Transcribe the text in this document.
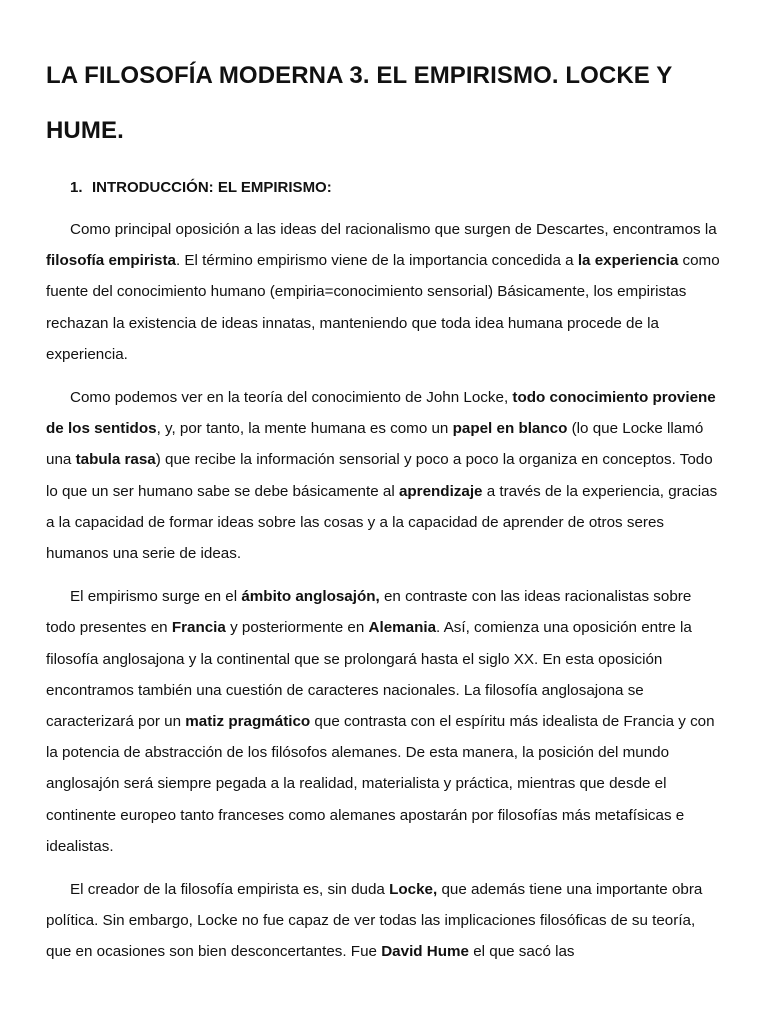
LA FILOSOFÍA MODERNA 3. EL EMPIRISMO. LOCKE Y HUME.
1. INTRODUCCIÓN: EL EMPIRISMO:

Como principal oposición a las ideas del racionalismo que surgen de Descartes, encontramos la filosofía empirista. El término empirismo viene de la importancia concedida a la experiencia como fuente del conocimiento humano (empiria=conocimiento sensorial) Básicamente, los empiristas rechazan la existencia de ideas innatas, manteniendo que toda idea humana procede de la experiencia.

Como podemos ver en la teoría del conocimiento de John Locke, todo conocimiento proviene de los sentidos, y, por tanto, la mente humana es como un papel en blanco (lo que Locke llamó una tabula rasa) que recibe la información sensorial y poco a poco la organiza en conceptos. Todo lo que un ser humano sabe se debe básicamente al aprendizaje a través de la experiencia, gracias a la capacidad de formar ideas sobre las cosas y a la capacidad de aprender de otros seres humanos una serie de ideas.

El empirismo surge en el ámbito anglosajón, en contraste con las ideas racionalistas sobre todo presentes en Francia y posteriormente en Alemania. Así, comienza una oposición entre la filosofía anglosajona y la continental que se prolongará hasta el siglo XX. En esta oposición encontramos también una cuestión de caracteres nacionales. La filosofía anglosajona se caracterizará por un matiz pragmático que contrasta con el espíritu más idealista de Francia y con la potencia de abstracción de los filósofos alemanes. De esta manera, la posición del mundo anglosajón será siempre pegada a la realidad, materialista y práctica, mientras que desde el continente europeo tanto franceses como alemanes apostarán por filosofías más metafísicas e idealistas.

El creador de la filosofía empirista es, sin duda Locke, que además tiene una importante obra política. Sin embargo, Locke no fue capaz de ver todas las implicaciones filosóficas de su teoría, que en ocasiones son bien desconcertantes. Fue David Hume el que sacó las
